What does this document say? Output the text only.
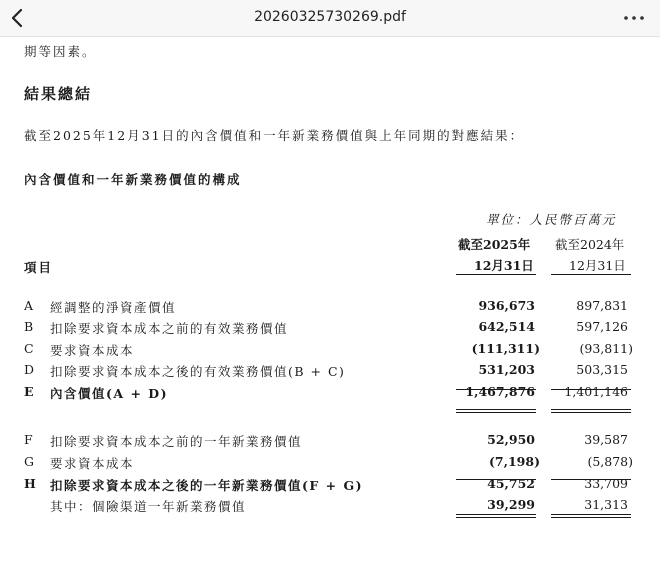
20260325730269.pdf
期等因素。
結果總結
截至2025年12月31日的內含價值和一年新業務價值與上年同期的對應結果：
內含價值和一年新業務價值的構成
單位：人民幣百萬元
截至2025年
12月31日
截至2024年
12月31日
項目
A 經調整的淨資產價值	936,673	897,831
B 扣除要求資本成本之前的有效業務價值	642,514	597,126
C 要求資本成本	(111,311)	(93,811)
D 扣除要求資本成本之後的有效業務價值(B + C)	531,203	503,315
E 內含價值(A + D)	1,467,876	1,401,146
F 扣除要求資本成本之前的一年新業務價值	52,950	39,587
G 要求資本成本	(7,198)	(5,878)
H 扣除要求資本成本之後的一年新業務價值(F + G)	45,752	33,709
其中：個險渠道一年新業務價值	39,299	31,313
